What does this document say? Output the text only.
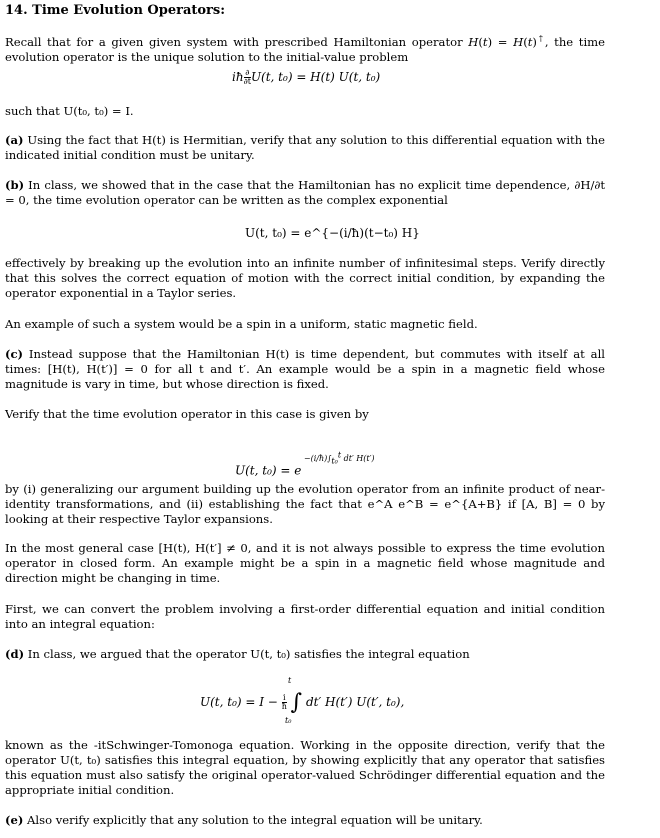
14. Time Evolution Operators:
Recall that for a given given system with prescribed Hamiltonian operator H(t) = H(t)†, the time evolution operator is the unique solution to the initial-value problem
iħ $\frac{\partial}{\partial t} U(t$, t₀) = H(t) U(t, t₀)
such that U(t₀, t₀) = I.
(a) Using the fact that H(t) is Hermitian, verify that any solution to this differential equation with the indicated initial condition must be unitary.
(b) In class, we showed that in the case that the Hamiltonian has no explicit time dependence, ∂H/∂t = 0, the time evolution operator can be written as the complex exponential
U(t, t₀) = e^{−(i/ħ)(t−t₀) H}
effectively by breaking up the evolution into an infinite number of infinitesimal steps. Verify directly that this solves the correct equation of motion with the correct initial condition, by expanding the operator exponential in a Taylor series.
An example of such a system would be a spin in a uniform, static magnetic field.
(c) Instead suppose that the Hamiltonian H(t) is time dependent, but commutes with itself at all times: [H(t), H(t′)] = 0 for all t and t′. An example would be a spin in a magnetic field whose magnitude is vary in time, but whose direction is fixed.
Verify that the time evolution operator in this case is given by
U(t, t₀) = e $^{-(i/ħ)\int_{t_0}^t dt' H(t')}$
by (i) generalizing our argument building up the evolution operator from an infinite product of near-identity transformations, and (ii) establishing the fact that e^A e^B = e^{A+B} if [A, B] = 0 by looking at their respective Taylor expansions.
In the most general case [H(t), H(t′] ≠ 0, and it is not always possible to express the time evolution operator in closed form. An example might be a spin in a magnetic field whose magnitude and direction might be changing in time.
First, we can convert the problem involving a first-order differential equation and initial condition into an integral equation:
(d) In class, we argued that the operator U(t, t₀) satisfies the integral equation
U(t, $t_0) = I - \frac{i}{ħ}$ ∫ dt′ H(t′) U(t′, t₀),
t
t₀
known as the -itSchwinger-Tomonoga equation. Working in the opposite direction, verify that the operator U(t, t₀) satisfies this integral equation, by showing explicitly that any operator that satisfies this equation must also satisfy the original operator-valued Schrödinger differential equation and the appropriate initial condition.
(e) Also verify explicitly that any solution to the integral equation will be unitary.
